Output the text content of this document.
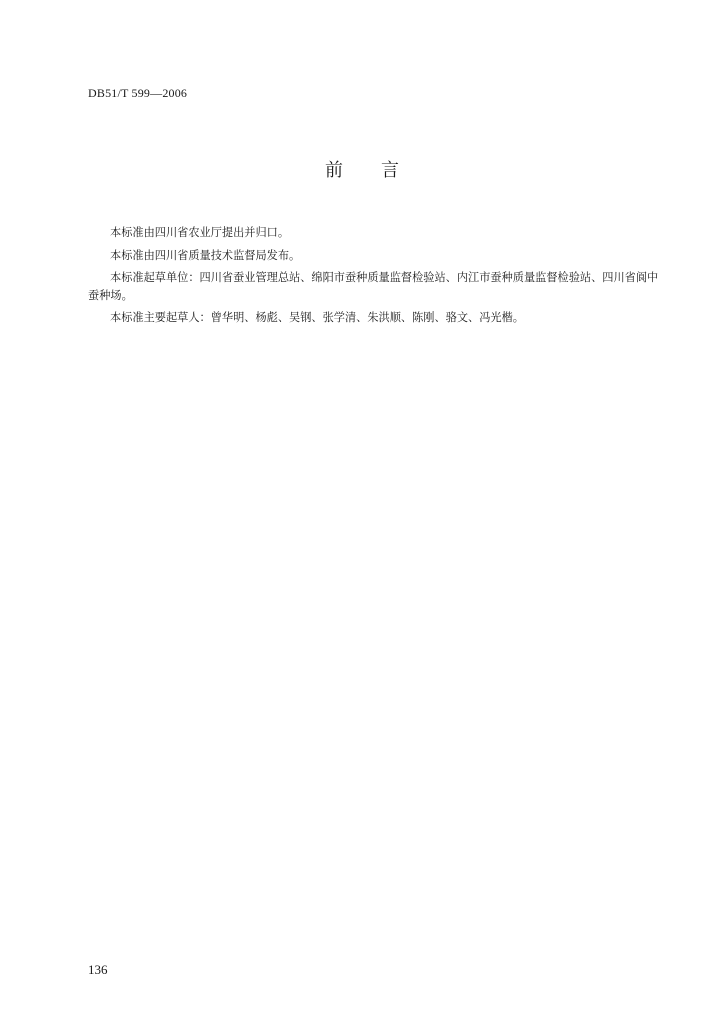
DB51/T 599—2006
前 言

本标准由四川省农业厅提出并归口。

本标准由四川省质量技术监督局发布。

本标准起草单位：四川省蚕业管理总站、绵阳市蚕种质量监督检验站、内江市蚕种质量监督检验站、四川省阆中蚕种场。

本标准主要起草人：曾华明、杨彪、吴钢、张学清、朱洪顺、陈刚、骆文、冯光楷。

136
